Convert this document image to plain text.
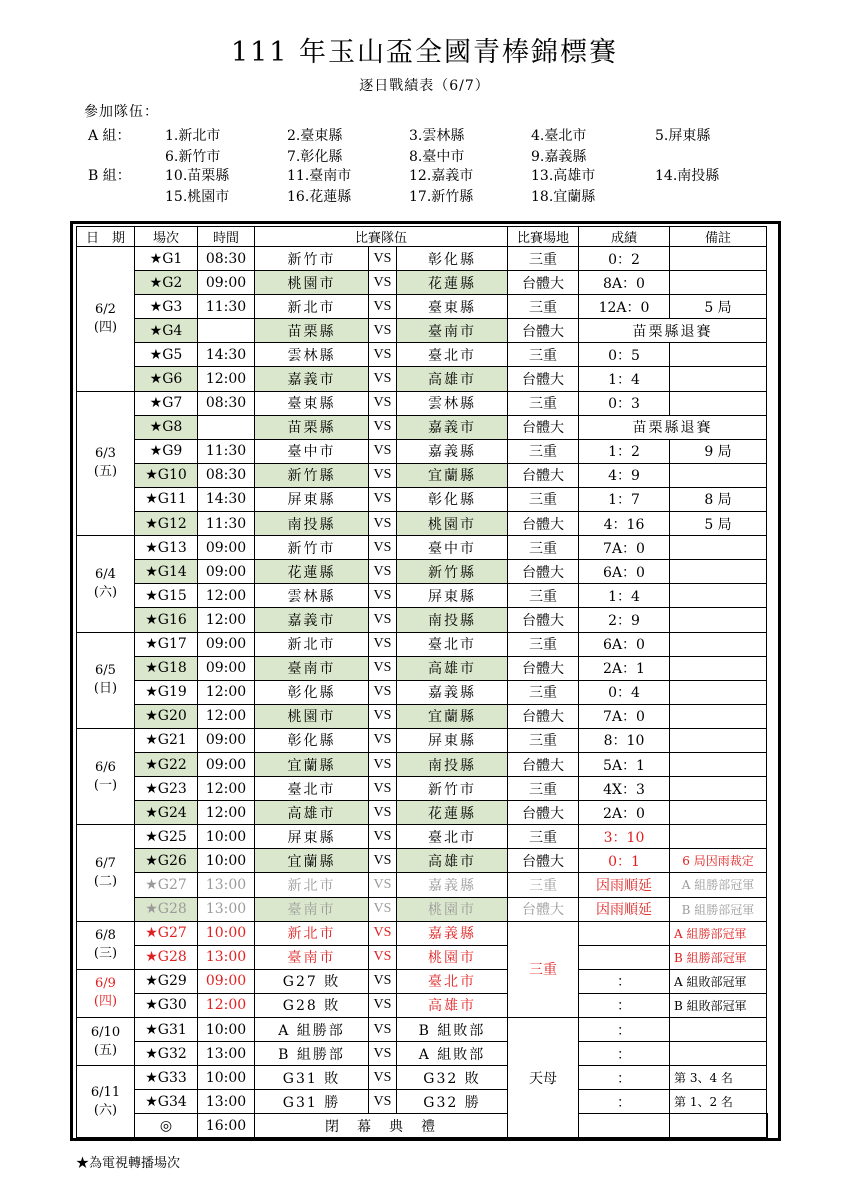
111 年玉山盃全國青棒錦標賽
逐日戰績表（6/7）
參加隊伍：
A 組：
B 組：
1.新北市	2.臺東縣	3.雲林縣	4.臺北市	5.屏東縣
6.新竹市	7.彰化縣	8.臺中市	9.嘉義縣
10.苗栗縣	11.臺南市	12.嘉義市	13.高雄市	14.南投縣
15.桃園市	16.花蓮縣	17.新竹縣	18.宜蘭縣
日　期	場次	時間	比賽隊伍			比賽場地	成績	備註	

6/2
(四)	★G1	08:30	新竹市	VS	彰化縣	三重	0：2		
	★G2	09:00	桃園市	VS	花蓮縣	台體大	8A：0		
	★G3	11:30	新北市	VS	臺東縣	三重	12A：0	5 局	
	★G4		苗栗縣	VS	臺南市	台體大	苗栗縣退賽		
	★G5	14:30	雲林縣	VS	臺北市	三重	0：5		
	★G6	12:00	嘉義市	VS	高雄市	台體大	1：4		

6/3
(五)	★G7	08:30	臺東縣	VS	雲林縣	三重	0：3		
	★G8		苗栗縣	VS	嘉義市	台體大	苗栗縣退賽		
	★G9	11:30	臺中市	VS	嘉義縣	三重	1：2	9 局	
	★G10	08:30	新竹縣	VS	宜蘭縣	台體大	4：9		
	★G11	14:30	屏東縣	VS	彰化縣	三重	1：7	8 局	
	★G12	11:30	南投縣	VS	桃園市	台體大	4：16	5 局	

6/4
(六)	★G13	09:00	新竹市	VS	臺中市	三重	7A：0		
	★G14	09:00	花蓮縣	VS	新竹縣	台體大	6A：0		
	★G15	12:00	雲林縣	VS	屏東縣	三重	1：4		
	★G16	12:00	嘉義市	VS	南投縣	台體大	2：9		

6/5
(日)	★G17	09:00	新北市	VS	臺北市	三重	6A：0		
	★G18	09:00	臺南市	VS	高雄市	台體大	2A：1		
	★G19	12:00	彰化縣	VS	嘉義縣	三重	0：4		
	★G20	12:00	桃園市	VS	宜蘭縣	台體大	7A：0		

6/6
(一)	★G21	09:00	彰化縣	VS	屏東縣	三重	8：10		
	★G22	09:00	宜蘭縣	VS	南投縣	台體大	5A：1		
	★G23	12:00	臺北市	VS	新竹市	三重	4X：3		
	★G24	12:00	高雄市	VS	花蓮縣	台體大	2A：0		

6/7
(二)	★G25	10:00	屏東縣	VS	臺北市	三重	3：10		
	★G26	10:00	宜蘭縣	VS	高雄市	台體大	0：1	6 局因雨裁定	
	★G27	13:00	新北市	VS	嘉義縣	三重	因雨順延	A 組勝部冠軍	
	★G28	13:00	臺南市	VS	桃園市	台體大	因雨順延	B 組勝部冠軍	

6/8
(三)	★G27	10:00	新北市	VS	嘉義縣	三重		A 組勝部冠軍	
	★G28	13:00	臺南市	VS	桃園市			B 組勝部冠軍	

6/9
(四)	★G29	09:00	G27 敗	VS	臺北市		：	A 組敗部冠軍	
	★G30	12:00	G28 敗	VS	高雄市		：	B 組敗部冠軍	

6/10
(五)	★G31	10:00	A 組勝部	VS	B 組敗部	天母	：		
	★G32	13:00	B 組勝部	VS	A 組敗部		：		

6/11
(六)	★G33	10:00	G31 敗	VS	G32 敗		：	第 3、4 名	
	★G34	13:00	G31 勝	VS	G32 勝		：	第 1、2 名	
	◎	16:00	閉　幕　典　禮						
★為電視轉播場次
